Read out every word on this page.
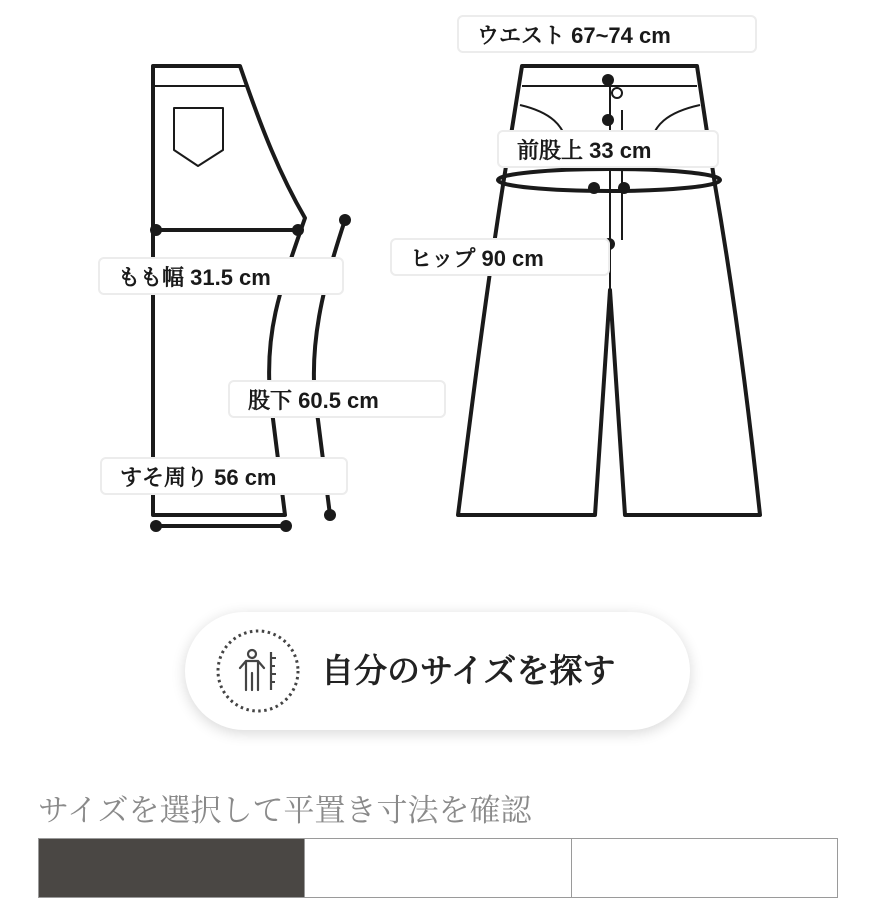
ウエスト 67~74 cm
前股上 33 cm
ヒップ 90 cm
もも幅 31.5 cm
股下 60.5 cm
すそ周り 56 cm
自分のサイズを探す
サイズを選択して平置き寸法を確認
